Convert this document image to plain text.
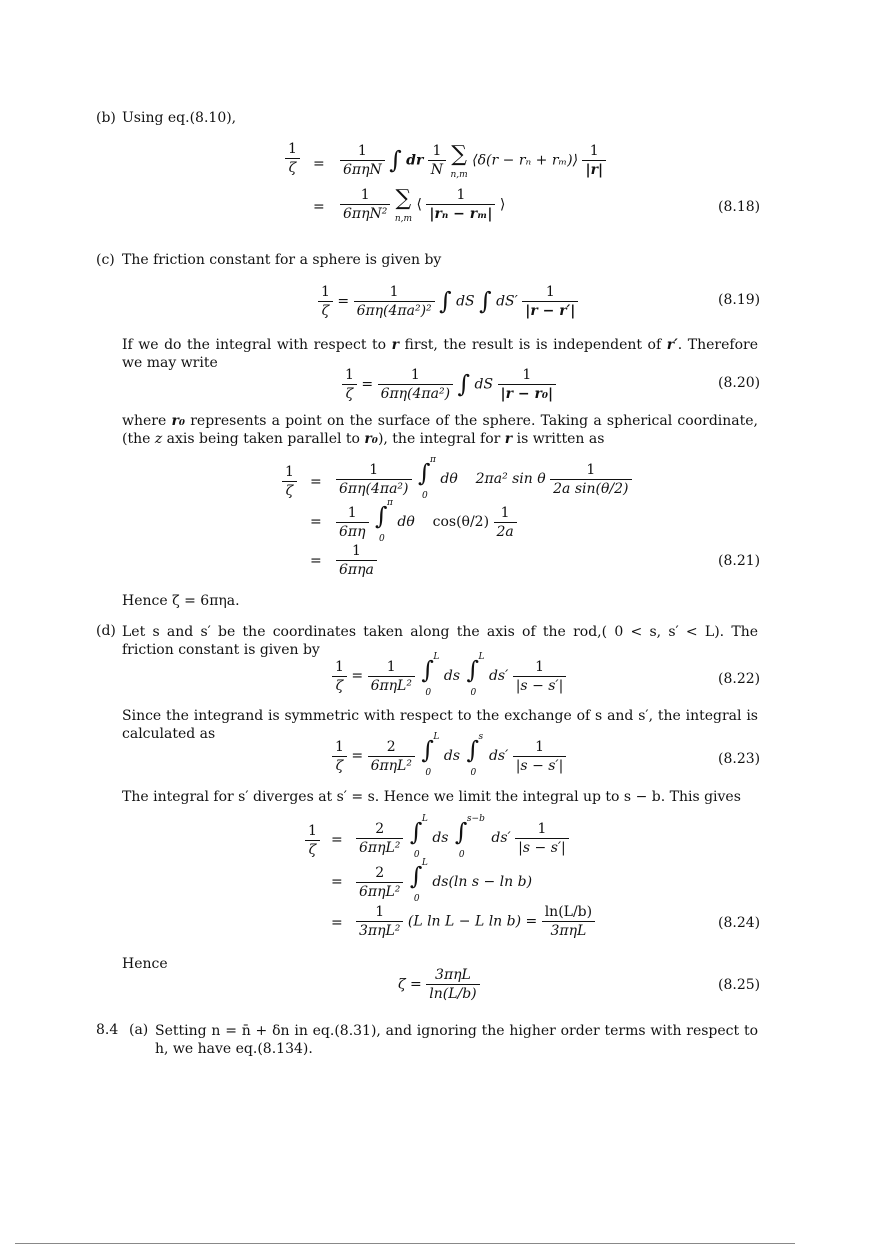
(b) Using eq.(8.10),
$\frac{1}{\zeta} = \frac{1}{\text{6πηN}}$ ∫ dr $\frac{1}{N}$ ∑
n,m ⟨δ(r − rₙ + rₘ)⟩ $\frac{1}{|r|}$
= $\frac{1}{\text{6πηN²}}$ ∑
n,m ⟨ $\frac{1}{\text{|rₙ − rₘ|}}$ ⟩	(8.18)
(c) The friction constant for a sphere is given by
$\frac{1}{\zeta} = \frac{1}{\text{6πη(4πa²)²}}$ ∫ dS ∫ $dS' \frac{1}{|r - r'|}$	(8.19)
If we do the integral with respect to r first, the result is is independent of r′. Therefore we may write
$\frac{1}{\zeta} = \frac{1}{\text{6πη(4πa²)}}$ ∫ dS $\frac{1}{\text{|r − r₀|}}$	(8.20)
where r₀ represents a point on the surface of the sphere. Taking a spherical coordinate, (the z axis being taken parallel to r₀), the integral for r is written as
$\frac{1}{\zeta} = \frac{1}{\text{6πη(4πa²)}}$
∫ π
0
dθ 2πa² sin θ $\frac{1}{\text{2a sin(θ/2)}}$
= $\frac{1}{6\pi\eta}$
∫ π
0
dθ $\cos(\theta/2) \frac{1}{2a}$
= $\frac{1}{\text{6πηa}}$	(8.21)
Hence ζ = 6πηa.
(d) Let s and s′ be the coordinates taken along the axis of the rod,( 0 < s, s′ < L). The friction constant is given by
$\frac{1}{\zeta} = \frac{1}{\text{6πηL²}}$
∫ L
0
ds ∫ L
0
$ds' \frac{1}{|s - s'|}$	(8.22)
Since the integrand is symmetric with respect to the exchange of s and s′, the integral is calculated as
$\frac{1}{\zeta} = \frac{2}{\text{6πηL²}}$
∫ L
0
ds ∫ s
0
$ds' \frac{1}{|s - s'|}$	(8.23)
The integral for s′ diverges at s′ = s. Hence we limit the integral up to s − b. This gives
$\frac{1}{\zeta} = \frac{2}{\text{6πηL²}}$
∫ L
0
ds ∫ s−b
0
$ds' \frac{1}{|s - s'|}$
= $\frac{2}{\text{6πηL²}}$
∫ L
0
ds(ln s − ln b)
= $\frac{1}{\text{3πηL²}} (L$ ln L − L $\ln b) = \frac{\ln(L/b)}{\text{3πηL}}$	(8.24)
Hence
$\zeta = \frac{\text{3πηL}}{\ln(L/b)}$	(8.25)
8.4 (a) Setting n = n̄ + δn in eq.(8.31), and ignoring the higher order terms with respect to h, we have eq.(8.134).
